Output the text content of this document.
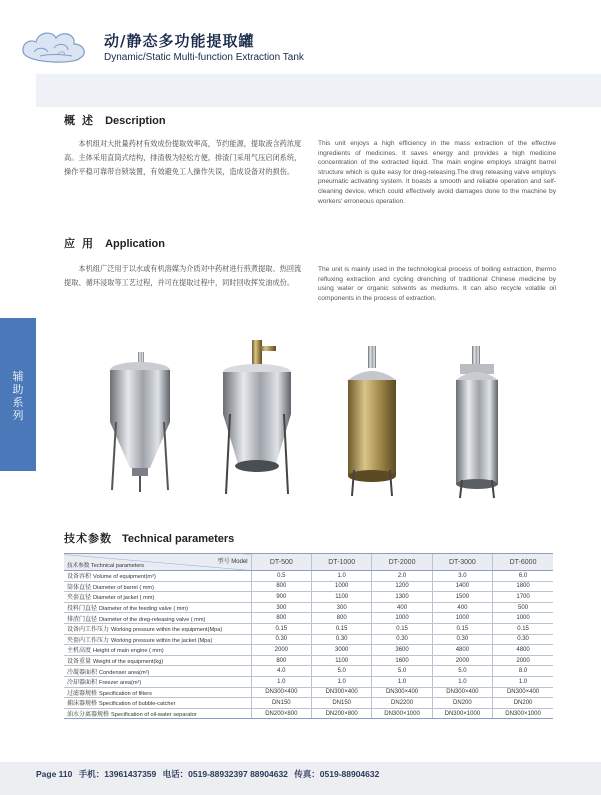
动/静态多功能提取罐
Dynamic/Static Multi-function Extraction Tank
辅
助
系
列
概 述 Description
本机组对大批量药材有效成份提取效率高，节约能源，提取液含药浓度高。主体采用直筒式结构，排渣极为轻松方便。排渣门采用气压启闭系统，操作平稳可靠带自锁装置，有效避免工人操作失误，造成设备对的损伤。
This unit enjoys a high efficiency in the mass extraction of the effective ingredients of medicines. It saves energy and provides a high medicine concentration of the extracted liquid. The main engine employs straight barrel structure which is quite easy for dreg-releasing.The dreg releasing valve employs pneumatic activating system. It boasts a smooth and reliable operation and self-cleaning device, which could effectively avoid damages done to the machine by workers' erroneous operation.
应 用 Application
本机组广泛用于以水或有机溶媒为介质对中药材进行煎煮提取、热回流提取、循环浸取等工艺过程，并可在提取过程中，同时回收挥发油成份。
The unit is mainly used in the technological process of boiling extraction, thermo refluxing extraction and cycling drenching of traditional Chinese medicine by using water or organic solvents as mediums. It can also recycle volatile oil components in the process of extraction.
技术参数 Technical parameters
型号 Model
技术参数 Technical parameters	DT-500	DT-1000	DT-2000	DT-3000	DT-6000
设备容积 Volume of equipment(m³)	0.5	1.0	2.0	3.0	6.0
筒体直径 Diameter of barrel ( mm)	800	1000	1200	1400	1800
夹套直径 Diameter of jacket ( mm)	900	1100	1300	1500	1700
投料门直径 Diameter of the feeding valve ( mm)	300	300	400	400	500
排渣门直径 Diameter of the dreg-releasing valve ( mm)	800	800	1000	1000	1000
设备内工作压力 Working pressure within the equipment(Mpa)	0.15	0.15	0.15	0.15	0.15
夹套内工作压力 Working pressure within the jacket (Mpa)	0.30	0.30	0.30	0.30	0.30
主机高度 Height of main engine ( mm)	2000	3000	3600	4800	4800
设备重量 Weight of the equipment(kg)	800	1100	1600	2000	2000
冷凝器面积 Condenser area(m²)	4.0	5.0	5.0	5.0	8.0
冷却器面积 Freezer area(m²)	1.0	1.0	1.0	1.0	1.0
过滤器规格 Specification of filters	DN300×400	DN300×400	DN300×400	DN300×400	DN300×400
捕沫器规格 Specification of bubble-catcher	DN150	DN150	DN2200	DN200	DN200
油水分离器规格 Specification of oil-water separator	DN200×800	DN200×800	DN300×1000	DN300×1000	DN300×1000
Page 110 手机：13961437359 电话：0519-88932397 88904632 传真：0519-88904632
